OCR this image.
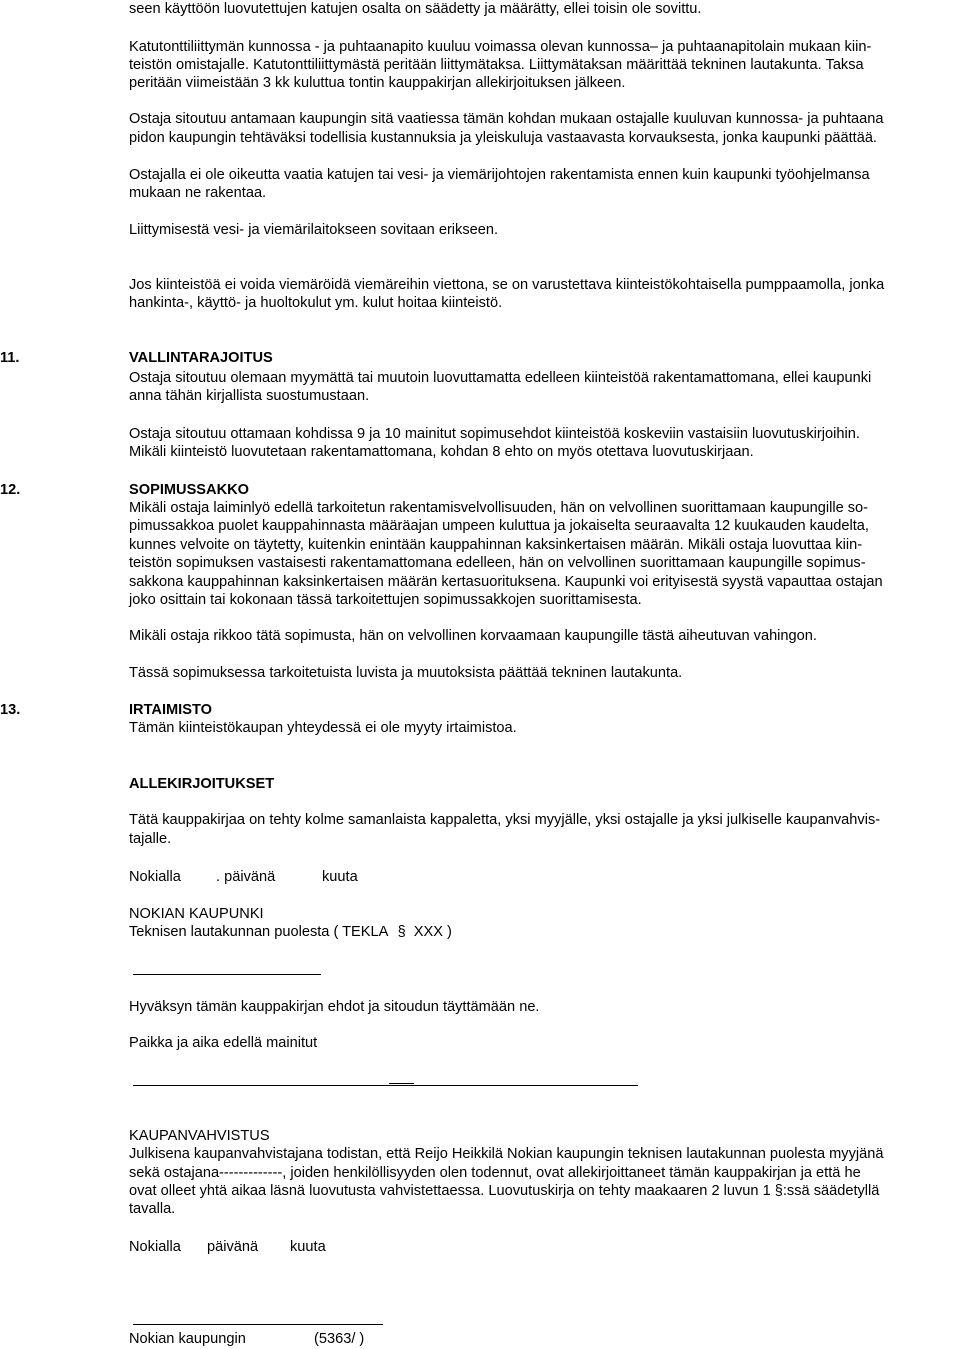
seen käyttöön luovutettujen katujen osalta on säädetty ja määrätty, ellei toisin ole sovittu.

Katutonttiliittymän kunnossa - ja puhtaanapito kuuluu voimassa olevan kunnossa– ja puhtaanapitolain mukaan kiin-

teistön omistajalle. Katutonttiliittymästä peritään liittymätaksa. Liittymätaksan määrittää tekninen lautakunta. Taksa

peritään viimeistään 3 kk kuluttua tontin kauppakirjan allekirjoituksen jälkeen.

Ostaja sitoutuu antamaan kaupungin sitä vaatiessa tämän kohdan mukaan ostajalle kuuluvan kunnossa- ja puhtaana

pidon kaupungin tehtäväksi todellisia kustannuksia ja yleiskuluja vastaavasta korvauksesta, jonka kaupunki päättää.

Ostajalla ei ole oikeutta vaatia katujen tai vesi- ja viemärijohtojen rakentamista ennen kuin kaupunki työohjelmansa

mukaan ne rakentaa.

Liittymisestä vesi- ja viemärilaitokseen sovitaan erikseen.

Jos kiinteistöä ei voida viemäröidä viemäreihin viettona, se on varustettava kiinteistökohtaisella pumppaamolla, jonka

hankinta-, käyttö- ja huoltokulut ym. kulut hoitaa kiinteistö.

11.	VALLINTARAJOITUS

Ostaja sitoutuu olemaan myymättä tai muutoin luovuttamatta edelleen kiinteistöä rakentamattomana, ellei kaupunki

anna tähän kirjallista suostumustaan.

Ostaja sitoutuu ottamaan kohdissa 9 ja 10 mainitut sopimusehdot kiinteistöä koskeviin vastaisiin luovutuskirjoihin.

Mikäli kiinteistö luovutetaan rakentamattomana, kohdan 8 ehto on myös otettava luovutuskirjaan.

12.	SOPIMUSSAKKO

Mikäli ostaja laiminlyö edellä tarkoitetun rakentamisvelvollisuuden, hän on velvollinen suorittamaan kaupungille so-

pimussakkoa puolet kauppahinnasta määräajan umpeen kuluttua ja jokaiselta seuraavalta 12 kuukauden kaudelta,

kunnes velvoite on täytetty, kuitenkin enintään kauppahinnan kaksinkertaisen määrän. Mikäli ostaja luovuttaa kiin-

teistön sopimuksen vastaisesti rakentamattomana edelleen, hän on velvollinen suorittamaan kaupungille sopimus-

sakkona kauppahinnan kaksinkertaisen määrän kertasuorituksena. Kaupunki voi erityisestä syystä vapauttaa ostajan

joko osittain tai kokonaan tässä tarkoitettujen sopimussakkojen suorittamisesta.

Mikäli ostaja rikkoo tätä sopimusta, hän on velvollinen korvaamaan kaupungille tästä aiheutuvan vahingon.

Tässä sopimuksessa tarkoitetuista luvista ja muutoksista päättää tekninen lautakunta.

13.	IRTAIMISTO

Tämän kiinteistökaupan yhteydessä ei ole myyty irtaimistoa.

ALLEKIRJOITUKSET

Tätä kauppakirjaa on tehty kolme samanlaista kappaletta, yksi myyjälle, yksi ostajalle ja yksi julkiselle kaupanvahvis-

tajalle.

Nokialla . päivänä	kuuta

NOKIAN KAUPUNKI

Teknisen lautakunnan puolesta ( TEKLA § XXX )

Hyväksyn tämän kauppakirjan ehdot ja sitoudun täyttämään ne.

Paikka ja aika edellä mainitut

KAUPANVAHVISTUS

Julkisena kaupanvahvistajana todistan, että Reijo Heikkilä Nokian kaupungin teknisen lautakunnan puolesta myyjänä

sekä ostajana-------------, joiden henkilöllisyyden olen todennut, ovat allekirjoittaneet tämän kauppakirjan ja että he

ovat olleet yhtä aikaa läsnä luovutusta vahvistettaessa. Luovutuskirja on tehty maakaaren 2 luvun 1 §:ssä säädetyllä

tavalla.

Nokialla päivänä kuuta

Nokian kaupungin	(5363/ )
